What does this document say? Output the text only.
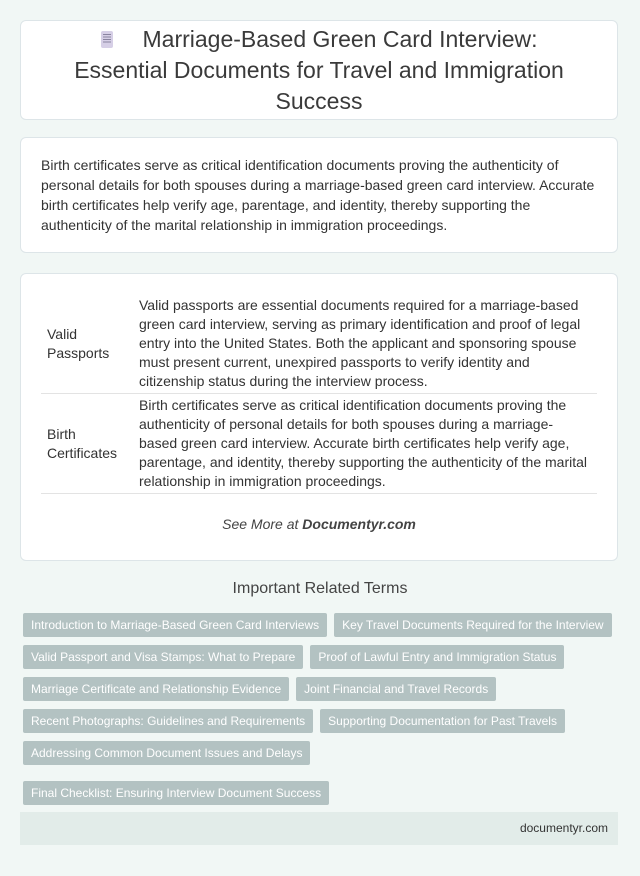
Marriage-Based Green Card Interview: Essential Documents for Travel and Immigration Success
Birth certificates serve as critical identification documents proving the authenticity of personal details for both spouses during a marriage-based green card interview. Accurate birth certificates help verify age, parentage, and identity, thereby supporting the authenticity of the marital relationship in immigration proceedings.
Valid Passports	Valid passports are essential documents required for a marriage-based green card interview, serving as primary identification and proof of legal entry into the United States. Both the applicant and sponsoring spouse must present current, unexpired passports to verify identity and citizenship status during the interview process.
Birth Certificates	Birth certificates serve as critical identification documents proving the authenticity of personal details for both spouses during a marriage-based green card interview. Accurate birth certificates help verify age, parentage, and identity, thereby supporting the authenticity of the marital relationship in immigration proceedings.
See More at Documentyr.com
Important Related Terms
Introduction to Marriage-Based Green Card Interviews	Key Travel Documents Required for the Interview
Valid Passport and Visa Stamps: What to Prepare	Proof of Lawful Entry and Immigration Status
Marriage Certificate and Relationship Evidence	Joint Financial and Travel Records
Recent Photographs: Guidelines and Requirements	Supporting Documentation for Past Travels
Addressing Common Document Issues and Delays
Final Checklist: Ensuring Interview Document Success
documentyr.com
